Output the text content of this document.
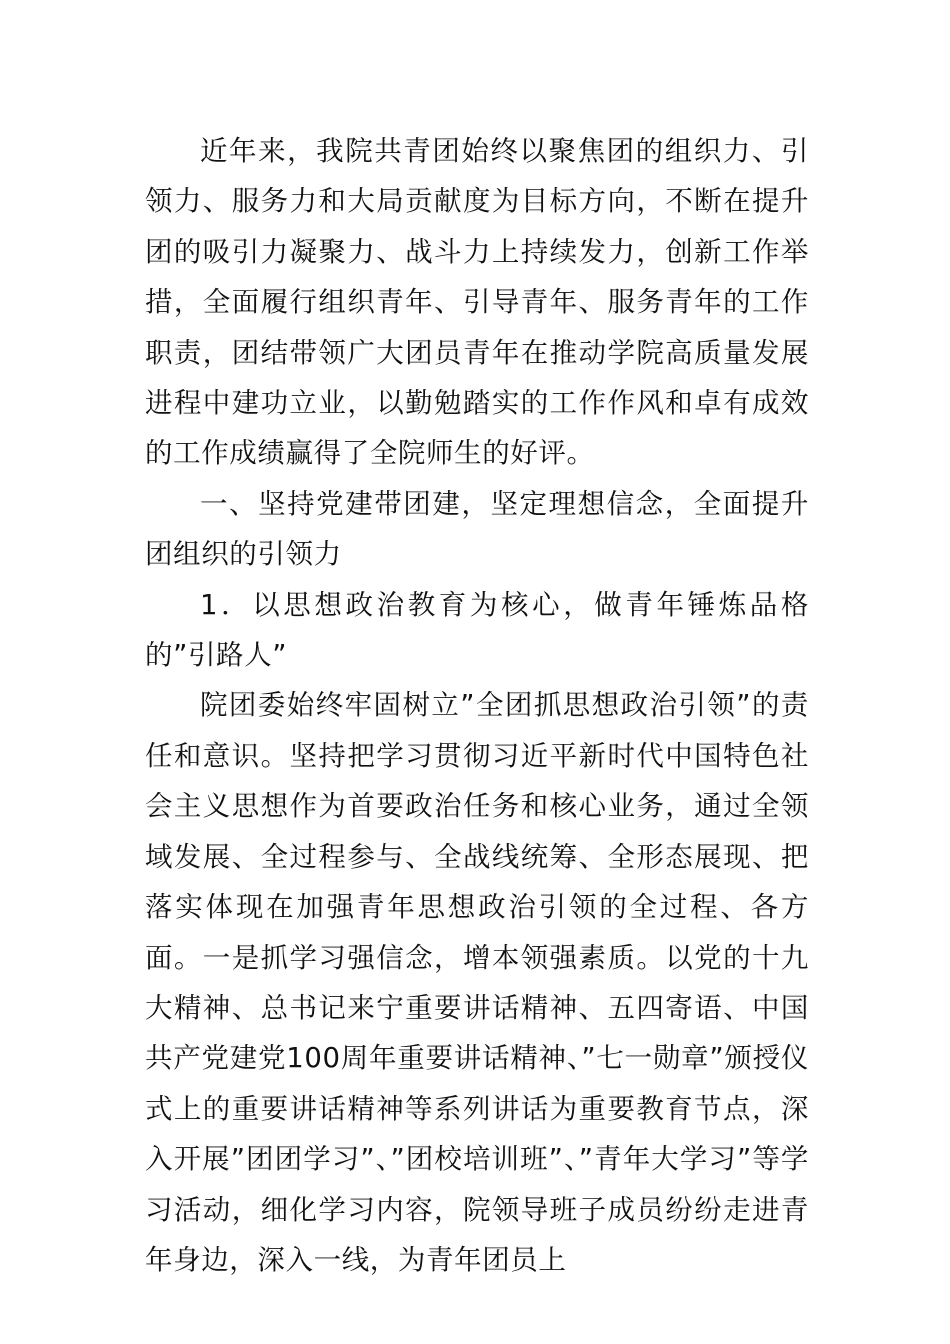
近年来，我院共青团始终以聚焦团的组织力、引领力、服务力和大局贡献度为目标方向，不断在提升团的吸引力凝聚力、战斗力上持续发力，创新工作举措，全面履行组织青年、引导青年、服务青年的工作职责，团结带领广大团员青年在推动学院高质量发展进程中建功立业，以勤勉踏实的工作作风和卓有成效的工作成绩赢得了全院师生的好评。

一、坚持党建带团建，坚定理想信念，全面提升团组织的引领力

1．以思想政治教育为核心，做青年锤炼品格的”引路人”

院团委始终牢固树立”全团抓思想政治引领”的责任和意识。坚持把学习贯彻习近平新时代中国特色社会主义思想作为首要政治任务和核心业务，通过全领域发展、全过程参与、全战线统筹、全形态展现、把落实体现在加强青年思想政治引领的全过程、各方面。一是抓学习强信念，增本领强素质。以党的十九大精神、总书记来宁重要讲话精神、五四寄语、中国共产党建党100周年重要讲话精神、”七一勋章”颁授仪式上的重要讲话精神等系列讲话为重要教育节点，深入开展”团团学习”、”团校培训班”、”青年大学习”等学习活动，细化学习内容，院领导班子成员纷纷走进青年身边，深入一线，为青年团员上
